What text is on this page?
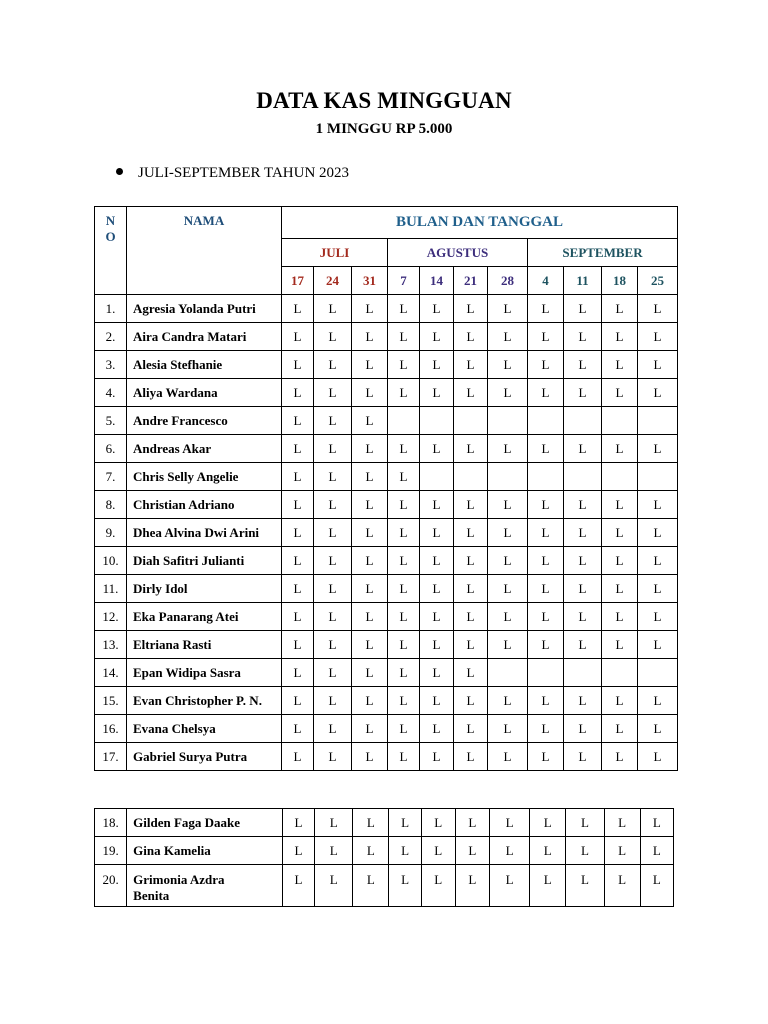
DATA KAS MINGGUAN
1 MINGGU RP 5.000
JULI-SEPTEMBER TAHUN 2023
N
O	NAMA	BULAN DAN TANGGAL										
		JULI			AGUSTUS				SEPTEMBER			
		17	24	31	7	14	21	28	4	11	18	25
1.	Agresia Yolanda Putri	L	L	L	L	L	L	L	L	L	L	L
2.	Aira Candra Matari	L	L	L	L	L	L	L	L	L	L	L
3.	Alesia Stefhanie	L	L	L	L	L	L	L	L	L	L	L
4.	Aliya Wardana	L	L	L	L	L	L	L	L	L	L	L
5.	Andre Francesco	L	L	L								
6.	Andreas Akar	L	L	L	L	L	L	L	L	L	L	L
7.	Chris Selly Angelie	L	L	L	L							
8.	Christian Adriano	L	L	L	L	L	L	L	L	L	L	L
9.	Dhea Alvina Dwi Arini	L	L	L	L	L	L	L	L	L	L	L
10.	Diah Safitri Julianti	L	L	L	L	L	L	L	L	L	L	L
11.	Dirly Idol	L	L	L	L	L	L	L	L	L	L	L
12.	Eka Panarang Atei	L	L	L	L	L	L	L	L	L	L	L
13.	Eltriana Rasti	L	L	L	L	L	L	L	L	L	L	L
14.	Epan Widipa Sasra	L	L	L	L	L	L					
15.	Evan Christopher P. N.	L	L	L	L	L	L	L	L	L	L	L
16.	Evana Chelsya	L	L	L	L	L	L	L	L	L	L	L
17.	Gabriel Surya Putra	L	L	L	L	L	L	L	L	L	L	L
18.	Gilden Faga Daake	L	L	L	L	L	L	L	L	L	L	L
19.	Gina Kamelia	L	L	L	L	L	L	L	L	L	L	L
20.	Grimonia Azdra
Benita	L	L	L	L	L	L	L	L	L	L	L
